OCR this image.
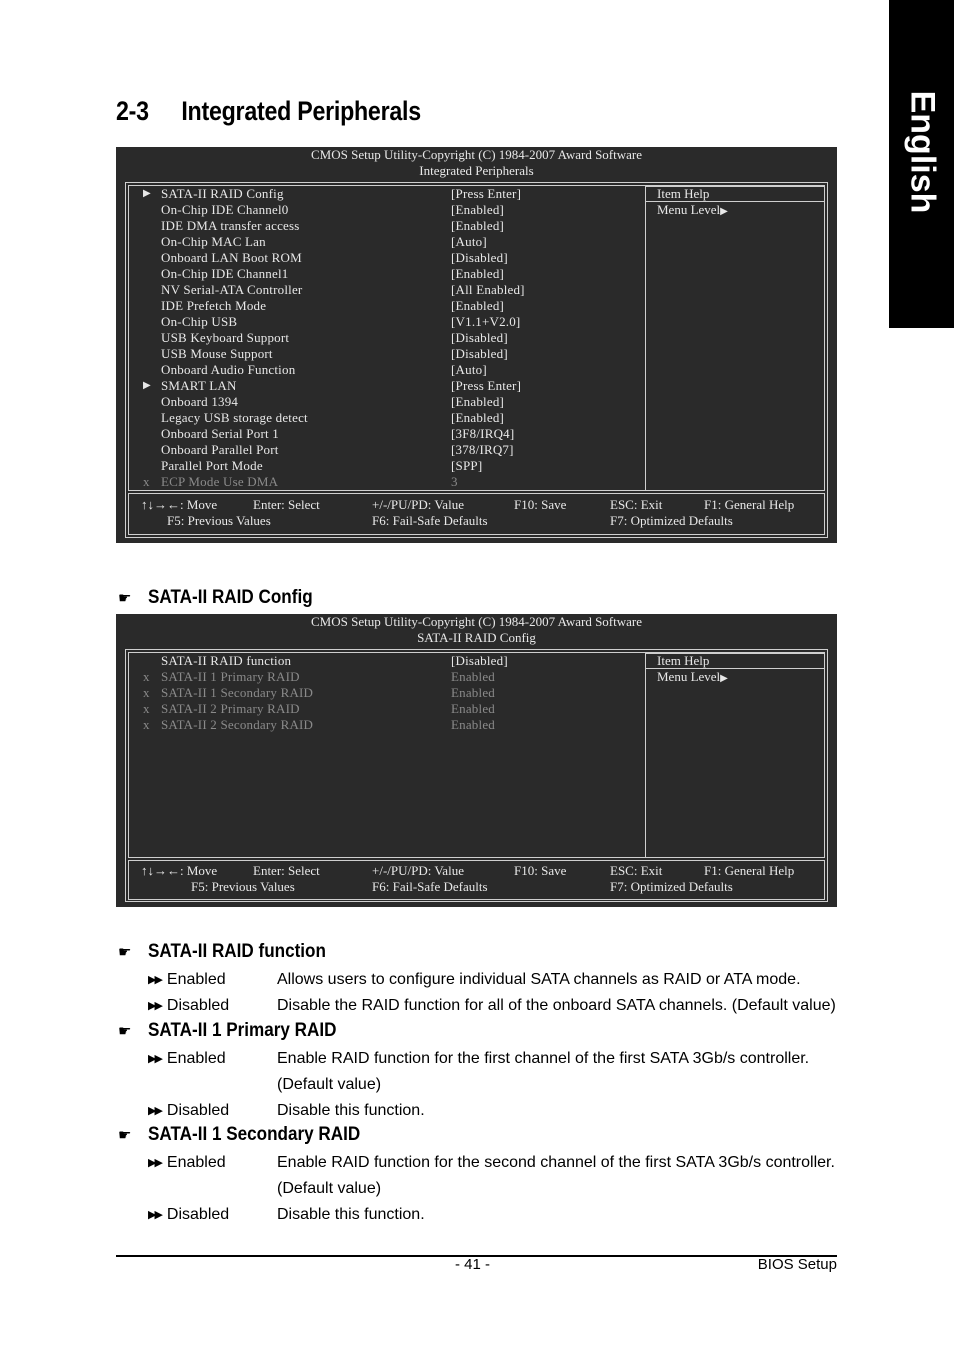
English
2-3 Integrated Peripherals
CMOS Setup Utility-Copyright (C) 1984-2007 Award Software
Integrated Peripherals
Item Help
Menu Level▶
▶ SATA-II RAID Config	[Press Enter]
On-Chip IDE Channel0	[Enabled]
IDE DMA transfer access	[Enabled]
On-Chip MAC Lan	[Auto]
Onboard LAN Boot ROM	[Disabled]
On-Chip IDE Channel1	[Enabled]
NV Serial-ATA Controller	[All Enabled]
IDE Prefetch Mode	[Enabled]
On-Chip USB	[V1.1+V2.0]
USB Keyboard Support	[Disabled]
USB Mouse Support	[Disabled]
Onboard Audio Function	[Auto]
▶ SMART LAN	[Press Enter]
Onboard 1394	[Enabled]
Legacy USB storage detect	[Enabled]
Onboard Serial Port 1	[3F8/IRQ4]
Onboard Parallel Port	[378/IRQ7]
Parallel Port Mode	[SPP]
x ECP Mode Use DMA	3
↑↓→←: Move	Enter: Select	+/-/PU/PD: Value	F10: Save	ESC: Exit	F1: General Help
F5: Previous Values	F6: Fail-Safe Defaults	F7: Optimized Defaults
☛ SATA-II RAID Config
CMOS Setup Utility-Copyright (C) 1984-2007 Award Software
SATA-II RAID Config
Item Help
Menu Level▶
SATA-II RAID function	[Disabled]
x SATA-II 1 Primary RAID	Enabled
x SATA-II 1 Secondary RAID	Enabled
x SATA-II 2 Primary RAID	Enabled
x SATA-II 2 Secondary RAID	Enabled
↑↓→←: Move	Enter: Select	+/-/PU/PD: Value	F10: Save	ESC: Exit	F1: General Help
F5: Previous Values	F6: Fail-Safe Defaults	F7: Optimized Defaults
☛ SATA-II RAID function
▶▶ Enabled	Allows users to configure individual SATA channels as RAID or ATA mode.
▶▶ Disabled	Disable the RAID function for all of the onboard SATA channels. (Default value)
☛ SATA-II 1 Primary RAID
▶▶ Enabled	Enable RAID function for the first channel of the first SATA 3Gb/s controller.
(Default value)
▶▶ Disabled	Disable this function.
☛ SATA-II 1 Secondary RAID
▶▶ Enabled	Enable RAID function for the second channel of the first SATA 3Gb/s controller.
(Default value)
▶▶ Disabled	Disable this function.
- 41 -	BIOS Setup
